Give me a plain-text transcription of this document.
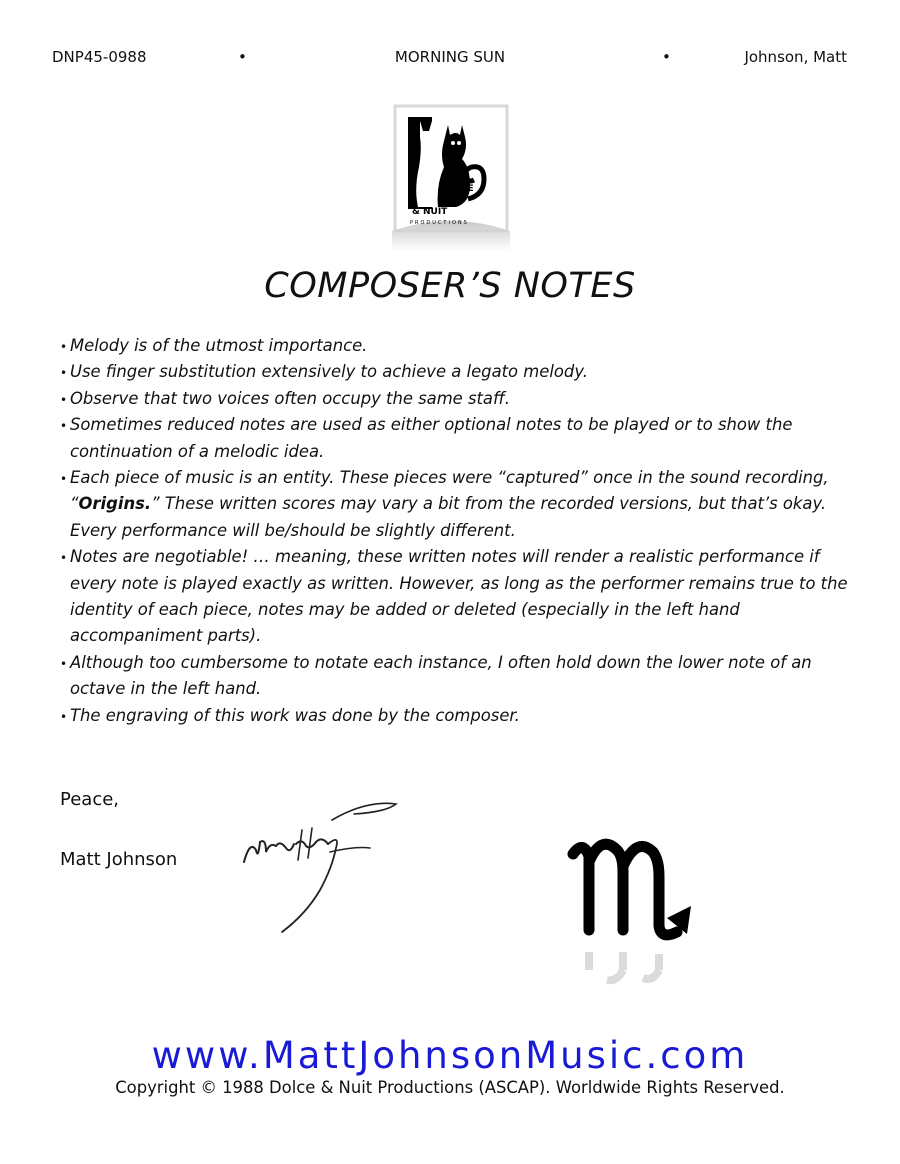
DNP45-0988	•	MORNING SUN	•	Johnson, Matt
DOLCE
& NUIT
PRODUCTIONS
COMPOSER’S NOTES
• Melody is of the utmost importance.
• Use finger substitution extensively to achieve a legato melody.
• Observe that two voices often occupy the same staff.
• Sometimes reduced notes are used as either optional notes to be played or to show the continuation of a melodic idea.
• Each piece of music is an entity. These pieces were “captured” once in the sound recording, “Origins.” These written scores may vary a bit from the recorded versions, but that’s okay. Every performance will be/should be slightly different.
• Notes are negotiable! … meaning, these written notes will render a realistic performance if every note is played exactly as written. However, as long as the performer remains true to the identity of each piece, notes may be added or deleted (especially in the left hand accompaniment parts).
• Although too cumbersome to notate each instance, I often hold down the lower note of an octave in the left hand.
• The engraving of this work was done by the composer.
Peace,
Matt Johnson
www.MattJohnsonMusic.com
Copyright © 1988 Dolce & Nuit Productions (ASCAP). Worldwide Rights Reserved.
